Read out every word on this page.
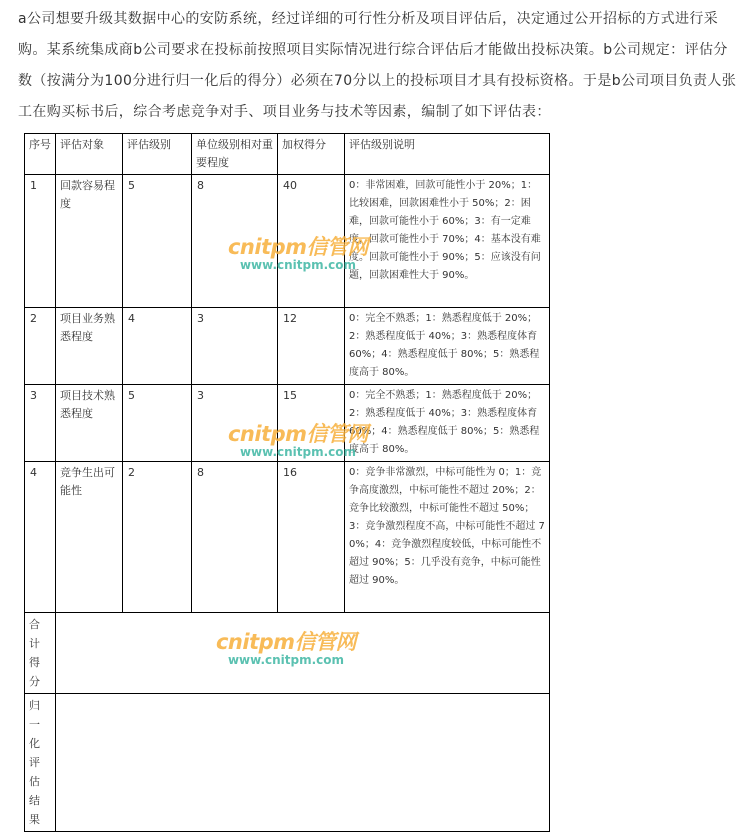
a公司想要升级其数据中心的安防系统，经过详细的可行性分析及项目评估后，决定通过公开招标的方式进行采购。某系统集成商b公司要求在投标前按照项目实际情况进行综合评估后才能做出投标决策。b公司规定：评估分数（按满分为100分进行归一化后的得分）必须在70分以上的投标项目才具有投标资格。于是b公司项目负责人张工在购买标书后，综合考虑竞争对手、项目业务与技术等因素，编制了如下评估表：

序号	评估对象	评估级别	单位级别相对重要程度	加权得分	评估级别说明
1	回款容易程度	5	8	40	0：非常困难，回款可能性小于 20%；1：比较困难，回款困难性小于 50%；2：困难，回款可能性小于 60%；3：有一定难度，回款可能性小于 70%；4：基本没有难度。回款可能性小于 90%；5：应该没有问题，回款困难性大于 90%。
2	项目业务熟悉程度	4	3	12	0：完全不熟悉；1：熟悉程度低于 20%；2：熟悉程度低于 40%；3：熟悉程度体育 60%；4：熟悉程度低于 80%；5：熟悉程度高于 80%。
3	项目技术熟悉程度	5	3	15	0：完全不熟悉；1：熟悉程度低于 20%；2：熟悉程度低于 40%；3：熟悉程度体育 60%；4：熟悉程度低于 80%；5：熟悉程度高于 80%。
4	竞争生出可能性	2	8	16	0：竞争非常激烈，中标可能性为 0；1：竞争高度激烈，中标可能性不超过 20%；2：竞争比较激烈，中标可能性不超过 50%；3：竞争激烈程度不高，中标可能性不超过 70%；4：竞争激烈程度较低，中标可能性不超过 90%；5：几乎没有竞争，中标可能性超过 90%。

合计得分					

归一化评估结果					

cnitpm信管网
www.cnitpm.com
cnitpm信管网
www.cnitpm.com
cnitpm信管网
www.cnitpm.com
